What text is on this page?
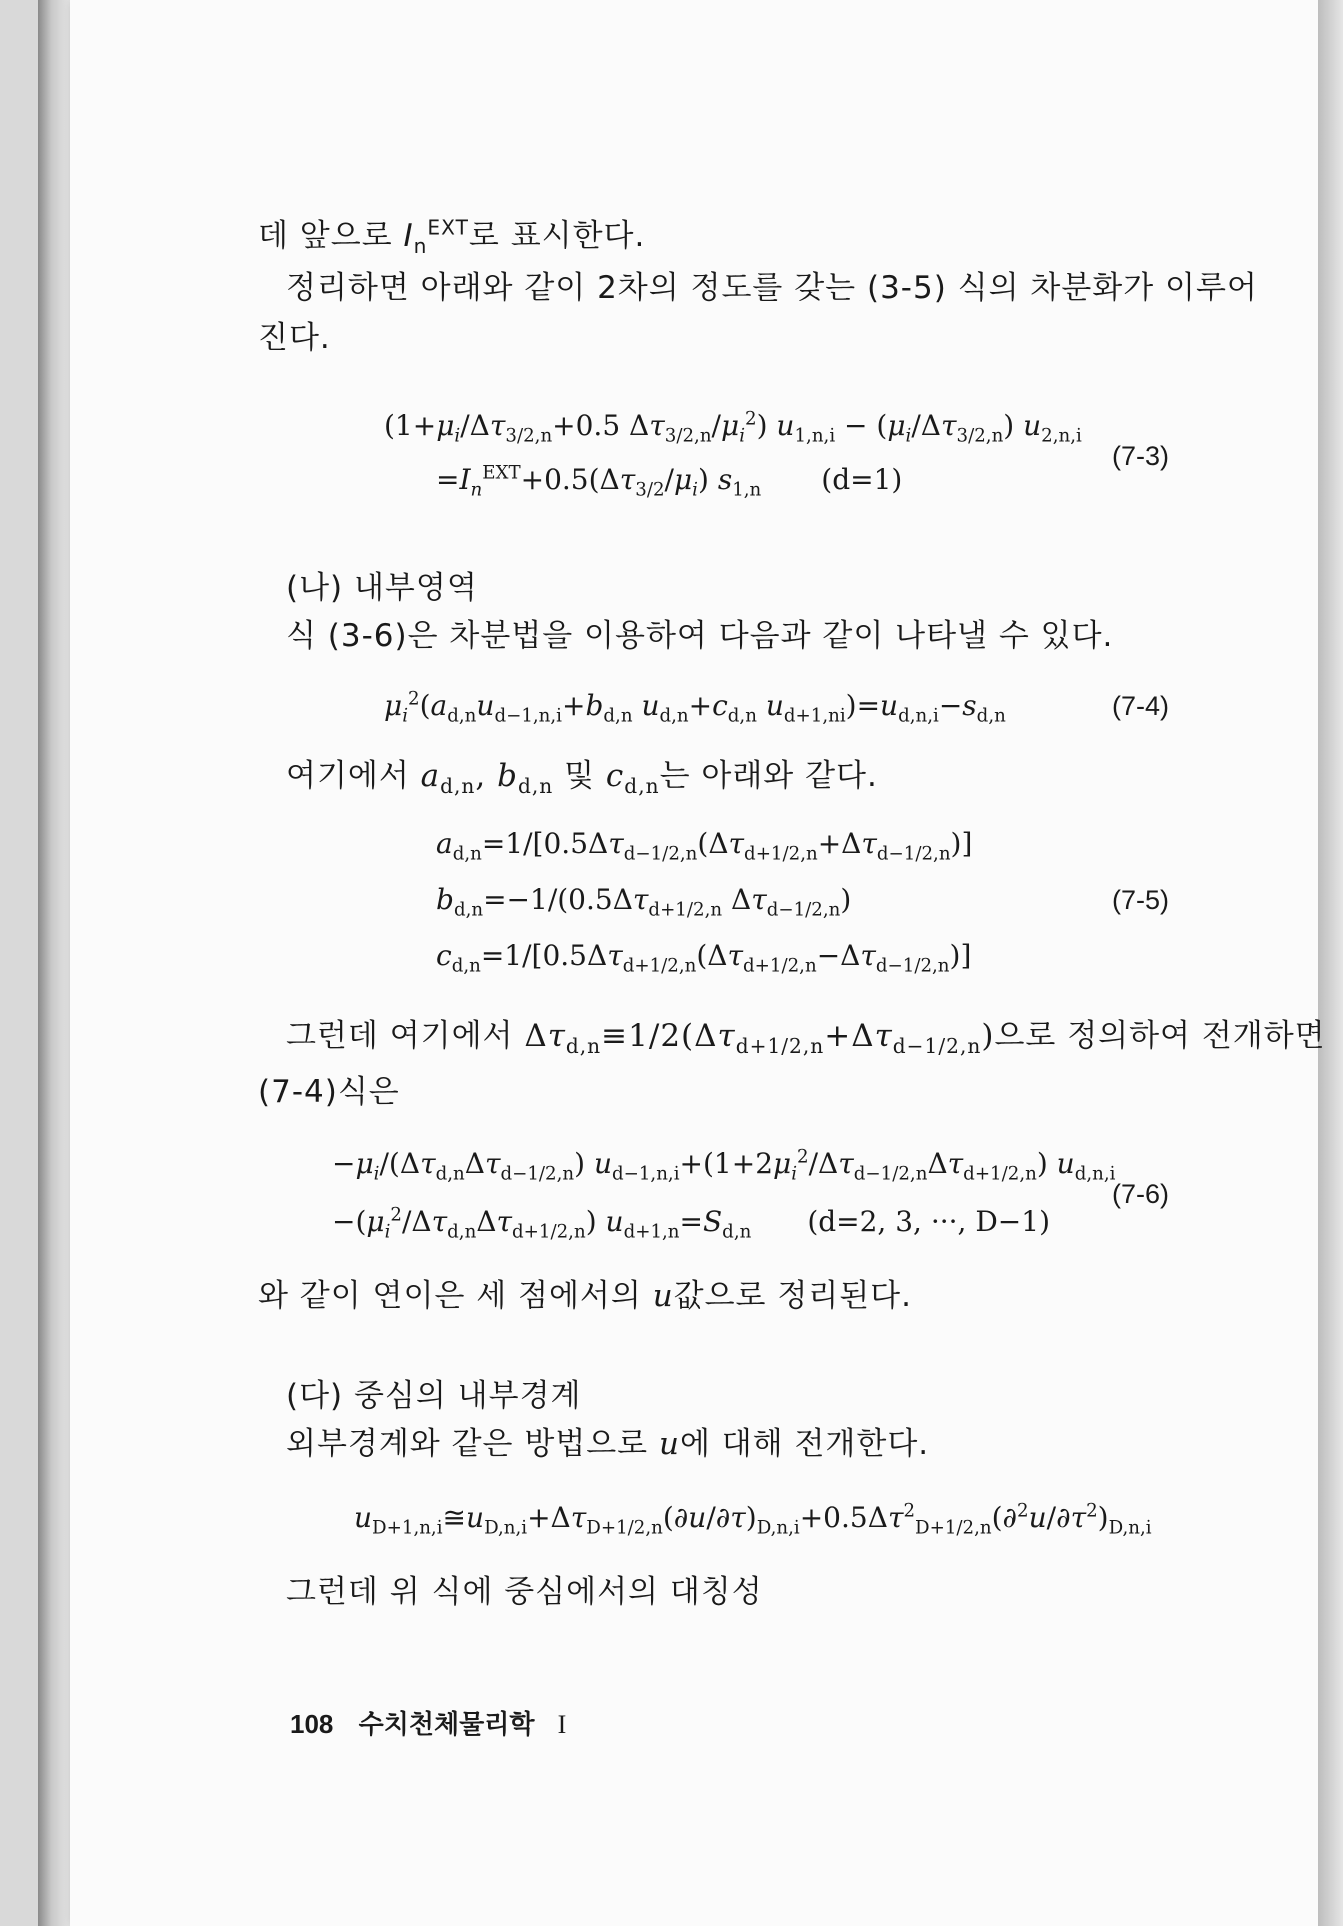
데 앞으로 $I_n^{EXT}$로 표시한다.
정리하면 아래와 같이 2차의 정도를 갖는 (3-5) 식의 차분화가 이루어
진다.
($1+\mu_i/\Delta\tau_{3/2,n}+0.5$ $\Delta\tau_{3/2,n}/\mu_i^2$) $u_{1,n,i} - (\mu_i/\Delta\tau_{3/2,n})$ $u_{2,n,i}$
$=I_n^{EXT}+0.5(\Delta\tau_{3/2}/\mu_i)$ $s_{1,n}$ (d=1)
(7-3)
(나) 내부영역
식 (3-6)은 차분법을 이용하여 다음과 같이 나타낼 수 있다.
$\mu_i^2(a_{d,n}u_{d-1,n,i}+b_{d,n}$ $u_{d,n}+c_{d,n}$ $u_{d+1,ni})=u_{d,n,i}-s_{d,n}$	(7-4)
여기에서 $a_{d,n}$, $b_{d,n}$ 및 $c_{d,n}$는 아래와 같다.
$a_{d,n}=1/[0.5\Delta\tau_{d-1/2,n}(\Delta\tau_{d+1/2,n}+\Delta\tau_{d-1/2,n})]$
$b_{d,n}=-1/(0.5\Delta\tau_{d+1/2,n}$ $\Delta\tau_{d-1/2,n}$)
$c_{d,n}=1/[0.5\Delta\tau_{d+1/2,n}(\Delta\tau_{d+1/2,n}-\Delta\tau_{d-1/2,n})]$
(7-5)
그런데 여기에서 $\Delta\tau_{d,n}\equiv 1/2(\Delta\tau_{d+1/2,n}+\Delta\tau_{d-1/2,n})$으로 정의하여 전개하면
(7-4)식은
$-\mu_i/(\Delta\tau_{d,n}\Delta\tau_{d-1/2,n})$ $u_{d-1,n,i}+(1+2\mu_i^2/\Delta\tau_{d-1/2,n}\Delta\tau_{d+1/2,n})$ $u_{d,n,i}$
$-(\mu_i^2/\Delta\tau_{d,n}\Delta\tau_{d+1/2,n})$ $u_{d+1,n}=S_{d,n}$ (d=2, 3, ···, D−1)
(7-6)
와 같이 연이은 세 점에서의 u값으로 정리된다.
(다) 중심의 내부경계
외부경계와 같은 방법으로 u에 대해 전개한다.
$u_{D+1,n,i}≅u_{D,n,i}+\Delta\tau_{D+1/2,n}(\partial u/\partial\tau)_{D,n,i}+0.5\Delta\tau^2_{D+1/2,n}(\partial^2u/\partial\tau^2)_{D,n,i}$
그런데 위 식에 중심에서의 대칭성
108 수치천체물리학 I
